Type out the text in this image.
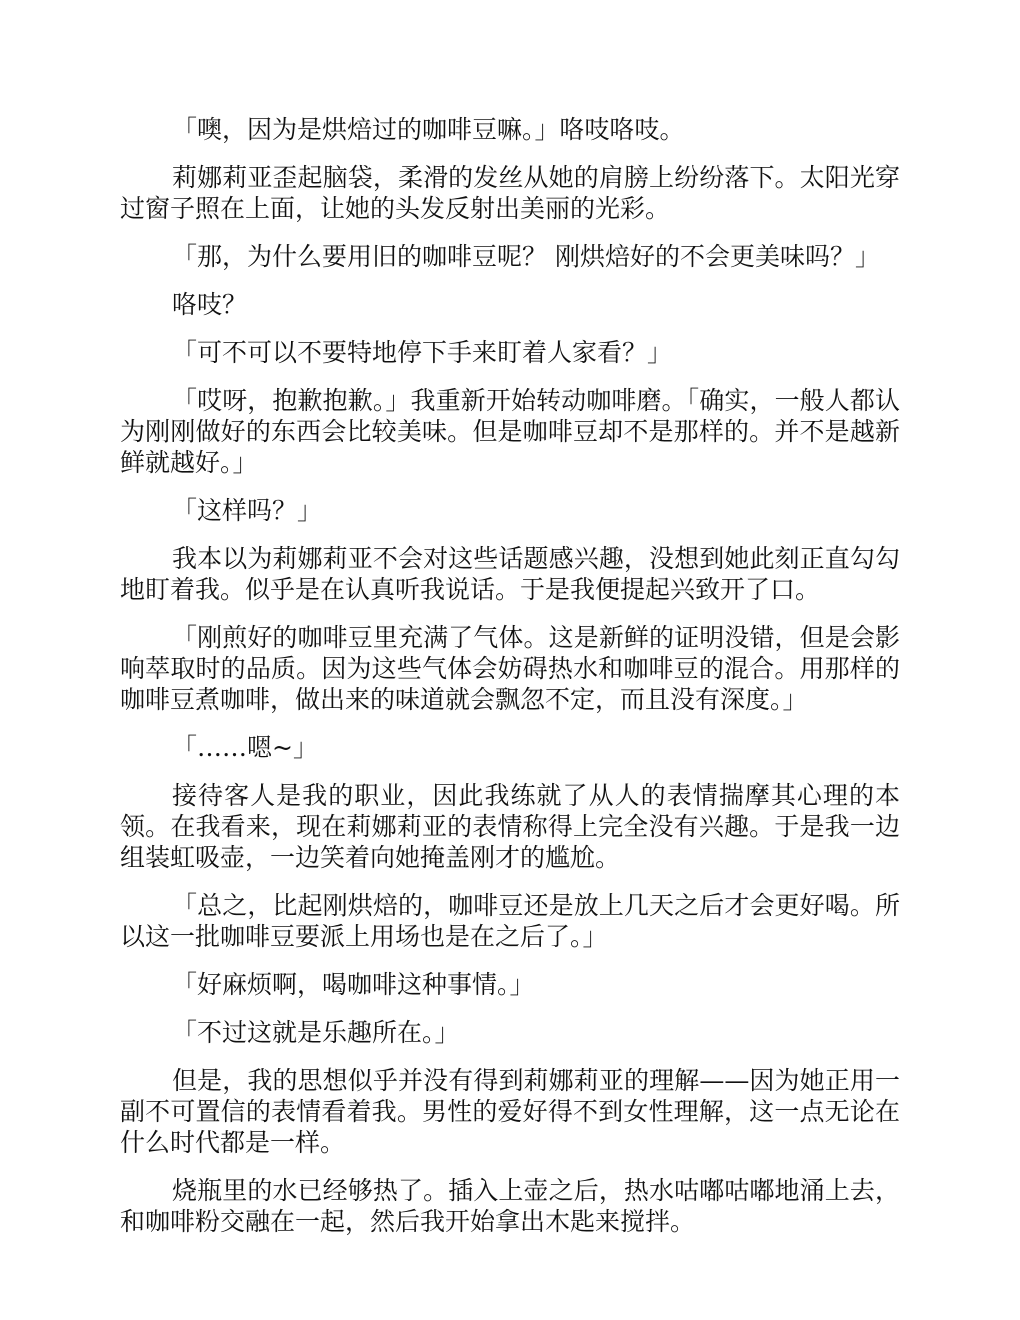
「噢，因为是烘焙过的咖啡豆嘛。」咯吱咯吱。

莉娜莉亚歪起脑袋，柔滑的发丝从她的肩膀上纷纷落下。太阳光穿过窗子照在上面，让她的头发反射出美丽的光彩。

「那，为什么要用旧的咖啡豆呢？ 刚烘焙好的不会更美味吗？」

咯吱？

「可不可以不要特地停下手来盯着人家看？」

「哎呀，抱歉抱歉。」我重新开始转动咖啡磨。「确实，一般人都认为刚刚做好的东西会比较美味。但是咖啡豆却不是那样的。并不是越新鲜就越好。」

「这样吗？」

我本以为莉娜莉亚不会对这些话题感兴趣，没想到她此刻正直勾勾地盯着我。似乎是在认真听我说话。于是我便提起兴致开了口。

「刚煎好的咖啡豆里充满了气体。这是新鲜的证明没错，但是会影响萃取时的品质。因为这些气体会妨碍热水和咖啡豆的混合。用那样的咖啡豆煮咖啡，做出来的味道就会飘忽不定，而且没有深度。」

「……嗯~」

接待客人是我的职业，因此我练就了从人的表情揣摩其心理的本领。在我看来，现在莉娜莉亚的表情称得上完全没有兴趣。于是我一边组装虹吸壶，一边笑着向她掩盖刚才的尴尬。

「总之，比起刚烘焙的，咖啡豆还是放上几天之后才会更好喝。所以这一批咖啡豆要派上用场也是在之后了。」

「好麻烦啊，喝咖啡这种事情。」

「不过这就是乐趣所在。」

但是，我的思想似乎并没有得到莉娜莉亚的理解——因为她正用一副不可置信的表情看着我。男性的爱好得不到女性理解，这一点无论在什么时代都是一样。

烧瓶里的水已经够热了。插入上壶之后，热水咕嘟咕嘟地涌上去，和咖啡粉交融在一起，然后我开始拿出木匙来搅拌。
